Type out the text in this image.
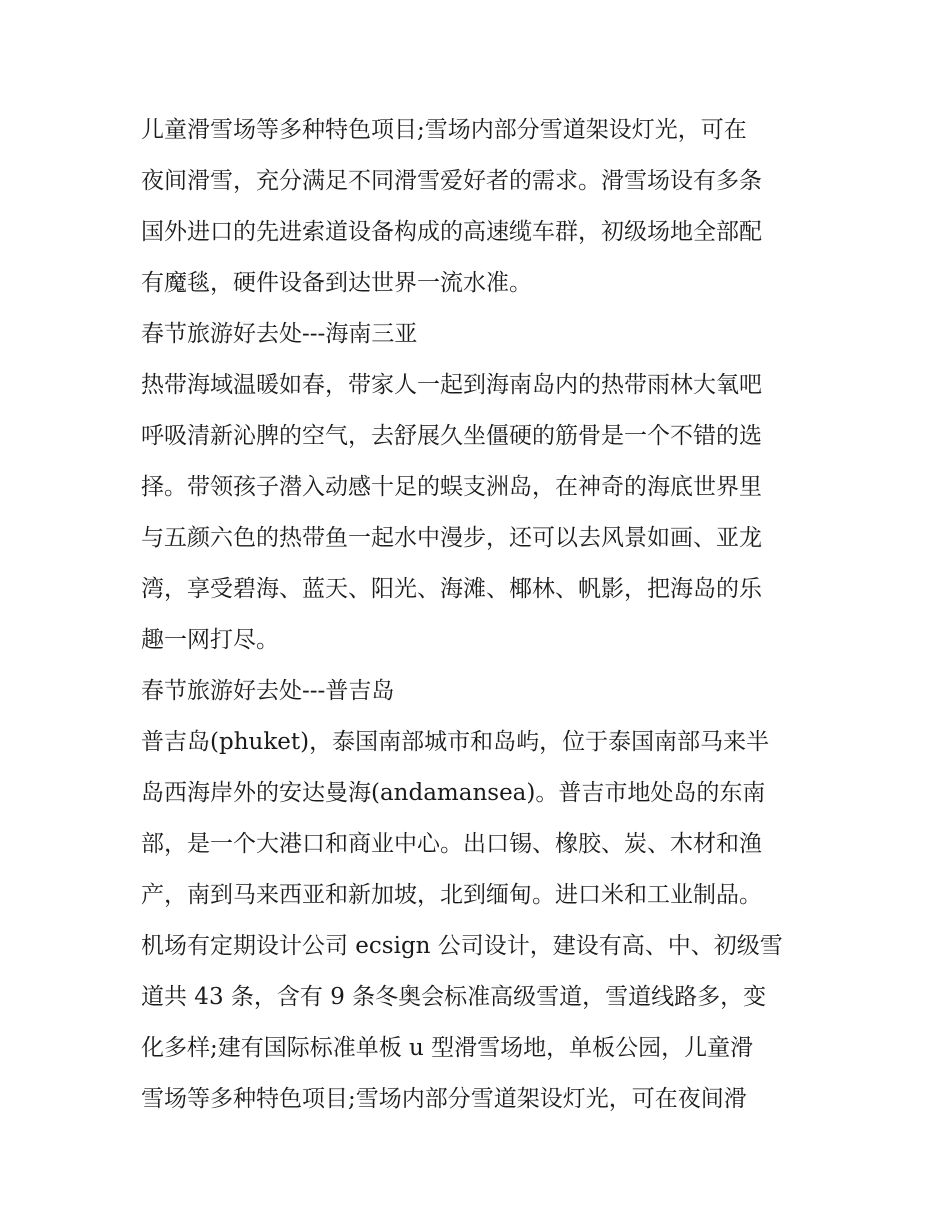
儿童滑雪场等多种特色项目;雪场内部分雪道架设灯光，可在
夜间滑雪，充分满足不同滑雪爱好者的需求。滑雪场设有多条
国外进口的先进索道设备构成的高速缆车群，初级场地全部配
有魔毯，硬件设备到达世界一流水准。
春节旅游好去处---海南三亚
热带海域温暖如春，带家人一起到海南岛内的热带雨林大氧吧
呼吸清新沁脾的空气，去舒展久坐僵硬的筋骨是一个不错的选
择。带领孩子潜入动感十足的蜈支洲岛，在神奇的海底世界里
与五颜六色的热带鱼一起水中漫步，还可以去风景如画、亚龙
湾，享受碧海、蓝天、阳光、海滩、椰林、帆影，把海岛的乐
趣一网打尽。
春节旅游好去处---普吉岛
普吉岛(phuket)，泰国南部城市和岛屿，位于泰国南部马来半
岛西海岸外的安达曼海(andamansea)。普吉市地处岛的东南
部，是一个大港口和商业中心。出口锡、橡胶、炭、木材和渔
产，南到马来西亚和新加坡，北到缅甸。进口米和工业制品。
机场有定期设计公司 ecsign 公司设计，建设有高、中、初级雪
道共 43 条，含有 9 条冬奥会标准高级雪道，雪道线路多，变
化多样;建有国际标准单板 u 型滑雪场地，单板公园，儿童滑
雪场等多种特色项目;雪场内部分雪道架设灯光，可在夜间滑
